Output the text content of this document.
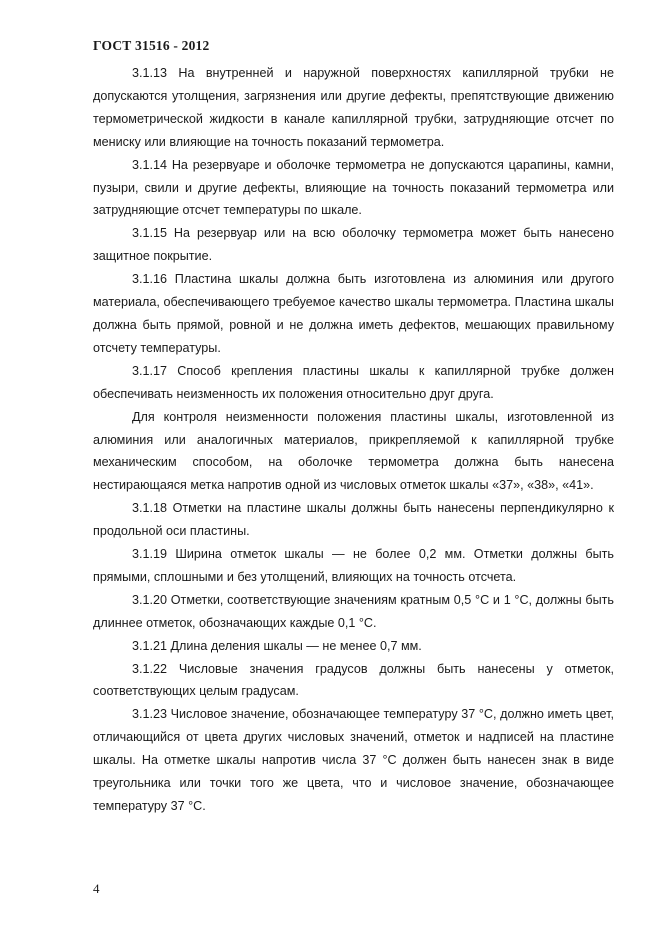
ГОСТ 31516 - 2012

3.1.13 На внутренней и наружной поверхностях капиллярной трубки не допускаются утолщения, загрязнения или другие дефекты, препятствующие движению термометрической жидкости в канале капиллярной трубки, затрудняющие отсчет по мениску или влияющие на точность показаний термометра.

3.1.14 На резервуаре и оболочке термометра не допускаются царапины, камни, пузыри, свили и другие дефекты, влияющие на точность показаний термометра или затрудняющие отсчет температуры по шкале.

3.1.15 На резервуар или на всю оболочку термометра может быть нанесено защитное покрытие.

3.1.16 Пластина шкалы должна быть изготовлена из алюминия или другого материала, обеспечивающего требуемое качество шкалы термометра. Пластина шкалы должна быть прямой, ровной и не должна иметь дефектов, мешающих правильному отсчету температуры.

3.1.17 Способ крепления пластины шкалы к капиллярной трубке должен обеспечивать неизменность их положения относительно друг друга.

Для контроля неизменности положения пластины шкалы, изготовленной из алюминия или аналогичных материалов, прикрепляемой к капиллярной трубке механическим способом, на оболочке термометра должна быть нанесена нестирающаяся метка напротив одной из числовых отметок шкалы «37», «38», «41».

3.1.18 Отметки на пластине шкалы должны быть нанесены перпендикулярно к продольной оси пластины.

3.1.19 Ширина отметок шкалы — не более 0,2 мм. Отметки должны быть прямыми, сплошными и без утолщений, влияющих на точность отсчета.

3.1.20 Отметки, соответствующие значениям кратным 0,5 °C и 1 °C, должны быть длиннее отметок, обозначающих каждые 0,1 °C.

3.1.21 Длина деления шкалы — не менее 0,7 мм.

3.1.22 Числовые значения градусов должны быть нанесены у отметок, соответствующих целым градусам.

3.1.23 Числовое значение, обозначающее температуру 37 °C, должно иметь цвет, отличающийся от цвета других числовых значений, отметок и надписей на пластине шкалы. На отметке шкалы напротив числа 37 °C должен быть нанесен знак в виде треугольника или точки того же цвета, что и числовое значение, обозначающее температуру 37 °C.

4
